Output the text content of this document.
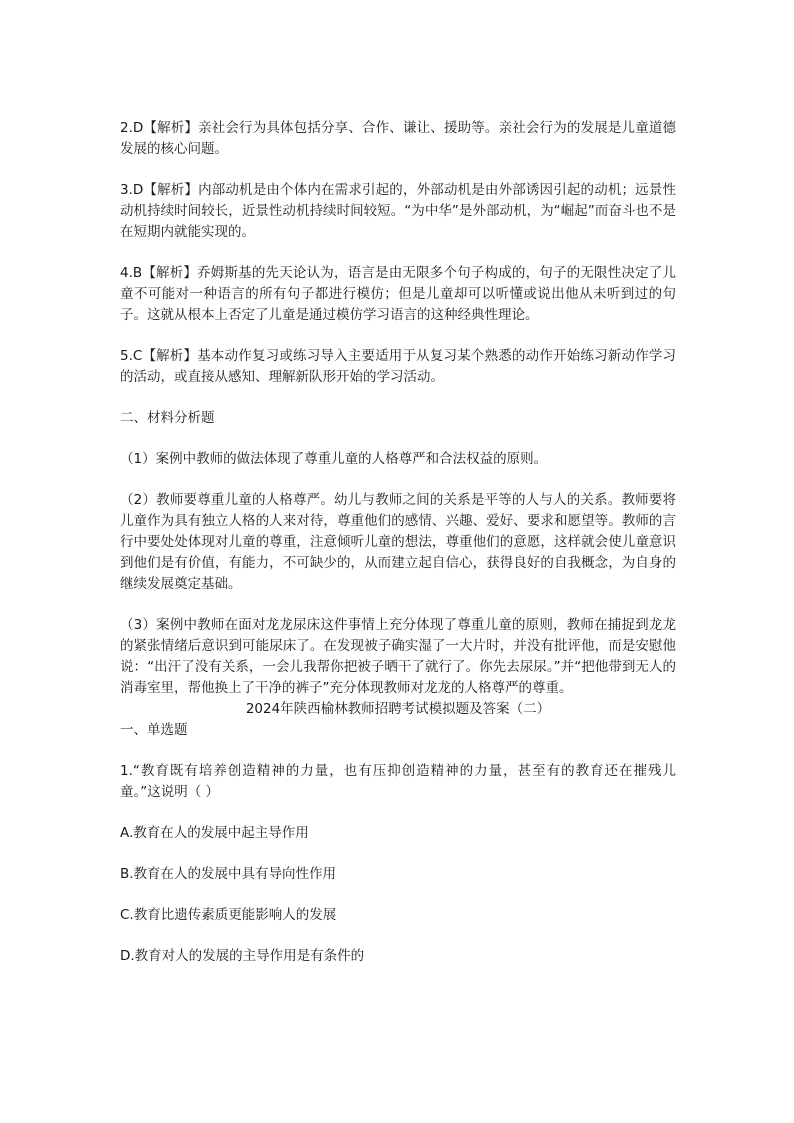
2.D【解析】亲社会行为具体包括分享、合作、谦让、援助等。亲社会行为的发展是儿童道德发展的核心问题。

3.D【解析】内部动机是由个体内在需求引起的，外部动机是由外部诱因引起的动机；远景性动机持续时间较长，近景性动机持续时间较短。“为中华”是外部动机，为“崛起”而奋斗也不是在短期内就能实现的。

4.B【解析】乔姆斯基的先天论认为，语言是由无限多个句子构成的，句子的无限性决定了儿童不可能对一种语言的所有句子都进行模仿；但是儿童却可以听懂或说出他从未听到过的句子。这就从根本上否定了儿童是通过模仿学习语言的这种经典性理论。

5.C【解析】基本动作复习或练习导入主要适用于从复习某个熟悉的动作开始练习新动作学习的活动，或直接从感知、理解新队形开始的学习活动。

二、材料分析题

（1）案例中教师的做法体现了尊重儿童的人格尊严和合法权益的原则。

（2）教师要尊重儿童的人格尊严。幼儿与教师之间的关系是平等的人与人的关系。教师要将儿童作为具有独立人格的人来对待，尊重他们的感情、兴趣、爱好、要求和愿望等。教师的言行中要处处体现对儿童的尊重，注意倾听儿童的想法，尊重他们的意愿，这样就会使儿童意识到他们是有价值，有能力，不可缺少的，从而建立起自信心，获得良好的自我概念，为自身的继续发展奠定基础。

（3）案例中教师在面对龙龙尿床这件事情上充分体现了尊重儿童的原则，教师在捕捉到龙龙的紧张情绪后意识到可能尿床了。在发现被子确实湿了一大片时，并没有批评他，而是安慰他说：“出汗了没有关系，一会儿我帮你把被子晒干了就行了。你先去尿尿。”并“把他带到无人的消毒室里，帮他换上了干净的裤子”充分体现教师对龙龙的人格尊严的尊重。

2024年陕西榆林教师招聘考试模拟题及答案（二）

一、单选题

1.“教育既有培养创造精神的力量，也有压抑创造精神的力量，甚至有的教育还在摧残儿童。”这说明（ ）

A.教育在人的发展中起主导作用

B.教育在人的发展中具有导向性作用

C.教育比遗传素质更能影响人的发展

D.教育对人的发展的主导作用是有条件的
